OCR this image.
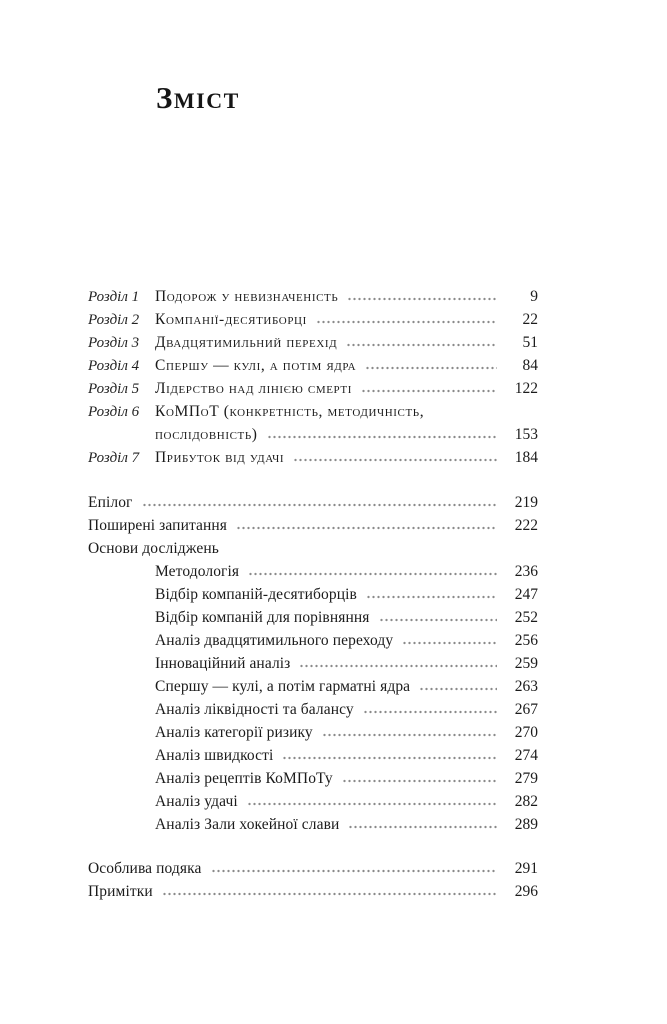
Зміст
Розділ 1	Подорож у невизначеність	9
Розділ 2	Компанії-десятиборці	22
Розділ 3	Двадцятимильний перехід	51
Розділ 4	Спершу — кулі, а потім ядра	84
Розділ 5	Лідерство над лінією смерті	122
Розділ 6	КоМПоТ (конкретність, методичність,
послідовність)	153
Розділ 7	Прибуток від удачі	184
Епілог	219
Поширені запитання	222
Основи досліджень
Методологія	236
Відбір компаній-десятиборців	247
Відбір компаній для порівняння	252
Аналіз двадцятимильного переходу	256
Інноваційний аналіз	259
Спершу — кулі, а потім гарматні ядра	263
Аналіз ліквідності та балансу	267
Аналіз категорії ризику	270
Аналіз швидкості	274
Аналіз рецептів КоМПоТу	279
Аналіз удачі	282
Аналіз Зали хокейної слави	289
Особлива подяка	291
Примітки	296
